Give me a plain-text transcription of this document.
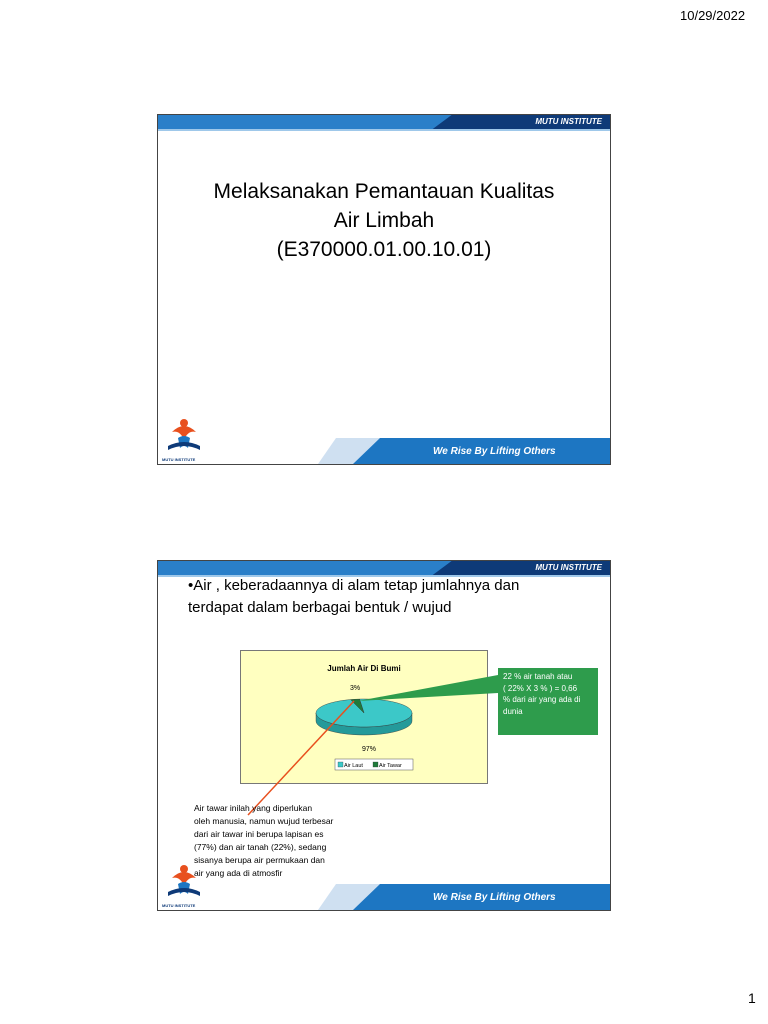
10/29/2022
MUTU INSTITUTE
Melaksanakan Pemantauan Kualitas
Air Limbah
(E370000.01.00.10.01)
MUTU INSTITUTE
We Rise By Lifting Others
MUTU INSTITUTE
•Air , keberadaannya di alam tetap jumlahnya dan
terdapat dalam berbagai bentuk / wujud
Jumlah Air Di Bumi
3%
97%
Air Laut	Air Tawar
22 % air tanah atau
( 22% X 3 % ) = 0,66
% dari air yang ada di
dunia
Air tawar inilah yang diperlukan
oleh manusia, namun wujud terbesar
dari air tawar ini berupa lapisan es
(77%) dan air tanah (22%), sedang
sisanya berupa air permukaan dan
air yang ada di atmosfir
MUTU INSTITUTE
We Rise By Lifting Others
1
